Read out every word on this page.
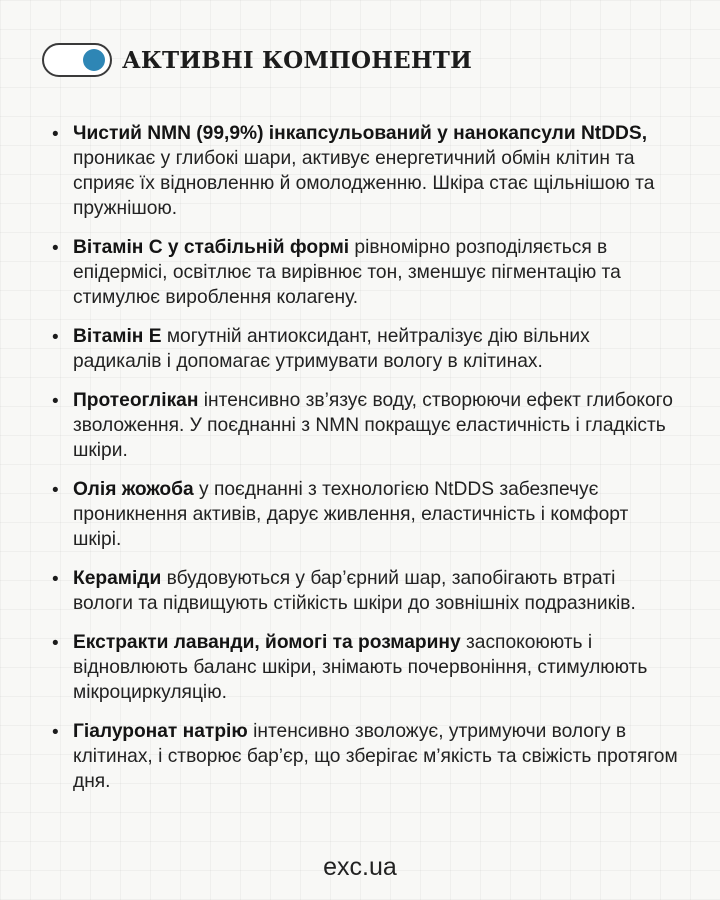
АКТИВНІ КОМПОНЕНТИ
• Чистий NMN (99,9%) інкапсульований у нанокапсули NtDDS, проникає у глибокі шари, активує енергетичний обмін клітин та сприяє їх відновленню й омолодженню. Шкіра стає щільнішою та пружнішою.

• Вітамін С у стабільній формі рівномірно розподіляється в епідермісі, освітлює та вирівнює тон, зменшує пігментацію та стимулює вироблення колагену.

• Вітамін Е могутній антиоксидант, нейтралізує дію вільних радикалів і допомагає утримувати вологу в клітинах.

• Протеоглікан інтенсивно зв’язує воду, створюючи ефект глибокого зволоження. У поєднанні з NMN покращує еластичність і гладкість шкіри.

• Олія жожоба у поєднанні з технологією NtDDS забезпечує проникнення активів, дарує живлення, еластичність і комфорт шкірі.

• Кераміди вбудовуються у бар’єрний шар, запобігають втраті вологи та підвищують стійкість шкіри до зовнішніх подразників.

• Екстракти лаванди, йомогі та розмарину заспокоюють і відновлюють баланс шкіри, знімають почервоніння, стимулюють мікроциркуляцію.

• Гіалуронат натрію інтенсивно зволожує, утримуючи вологу в клітинах, і створює бар’єр, що зберігає м’якість та свіжість протягом дня.

exc.ua
